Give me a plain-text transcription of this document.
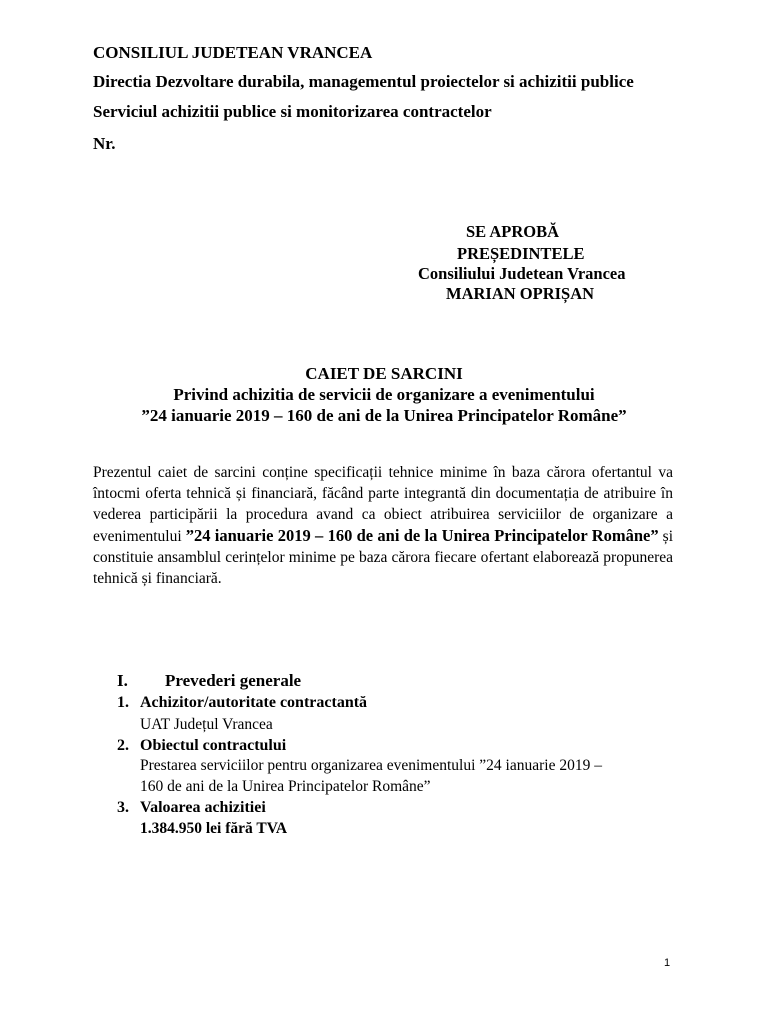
CONSILIUL JUDETEAN VRANCEA
Directia Dezvoltare durabila, managementul proiectelor si achizitii publice
Serviciul achizitii publice si monitorizarea contractelor
Nr.
SE APROBĂ
PREȘEDINTELE
Consiliului Judetean Vrancea
MARIAN OPRIȘAN
CAIET DE SARCINI
Privind achizitia de servicii de organizare a evenimentului
”24 ianuarie 2019 – 160 de ani de la Unirea Principatelor Române”
Prezentul caiet de sarcini conține specificații tehnice minime în baza cărora ofertantul va întocmi oferta tehnică și financiară, făcând parte integrantă din documentația de atribuire în vederea participării la procedura avand ca obiect atribuirea serviciilor de organizare a evenimentului ”24 ianuarie 2019 – 160 de ani de la Unirea Principatelor Române” și constituie ansamblul cerințelor minime pe baza cărora fiecare ofertant elaborează propunerea tehnică și financiară.
I. Prevederi generale
1. Achizitor/autoritate contractantă
UAT Județul Vrancea
2. Obiectul contractului
Prestarea serviciilor pentru organizarea evenimentului ”24 ianuarie 2019 –
160 de ani de la Unirea Principatelor Române”
3. Valoarea achizitiei
1.384.950 lei fără TVA
1
